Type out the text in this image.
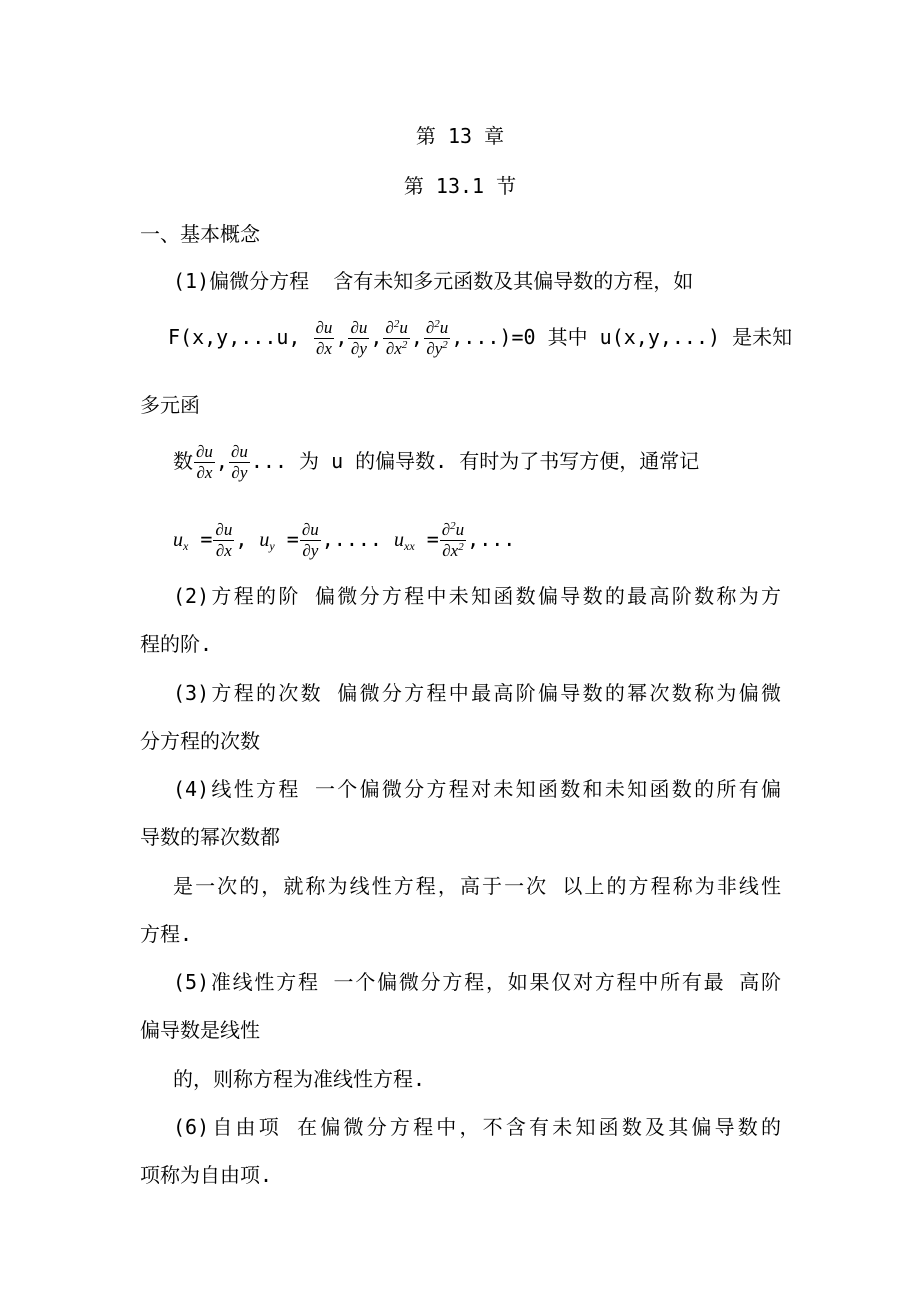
第 13 章
第 13.1 节
一、基本概念
(1)偏微分方程 含有未知多元函数及其偏导数的方程，如
F(x,y,...u, $\frac{\partial u}{\partial x}$ , $\frac{\partial u}{\partial y}$ , $\frac{\partial^2u}{\partial x^2}$ , $\frac{\partial^2u}{\partial y^2} ,...)=0$ 其中 u(x,y,...) 是未知
多元函
数 $\frac{\partial u}{\partial x}$ , $\frac{\partial u}{\partial y}$ ... 为 u 的偏导数. 有时为了书写方便，通常记
$u_x = \frac{\partial u}{\partial x}$ , $u_y = \frac{\partial u}{\partial y}$ ,.... $u_{xx} = \frac{\partial^2u}{\partial x^2}$ ,...
(2)方程的阶 偏微分方程中未知函数偏导数的最高阶数称为方
程的阶.
(3)方程的次数 偏微分方程中最高阶偏导数的幂次数称为偏微
分方程的次数
(4)线性方程 一个偏微分方程对未知函数和未知函数的所有偏
导数的幂次数都
是一次的，就称为线性方程，高于一次 以上的方程称为非线性
方程.
(5)准线性方程 一个偏微分方程，如果仅对方程中所有最 高阶
偏导数是线性
的，则称方程为准线性方程.
(6)自由项 在偏微分方程中，不含有未知函数及其偏导数的
项称为自由项.
